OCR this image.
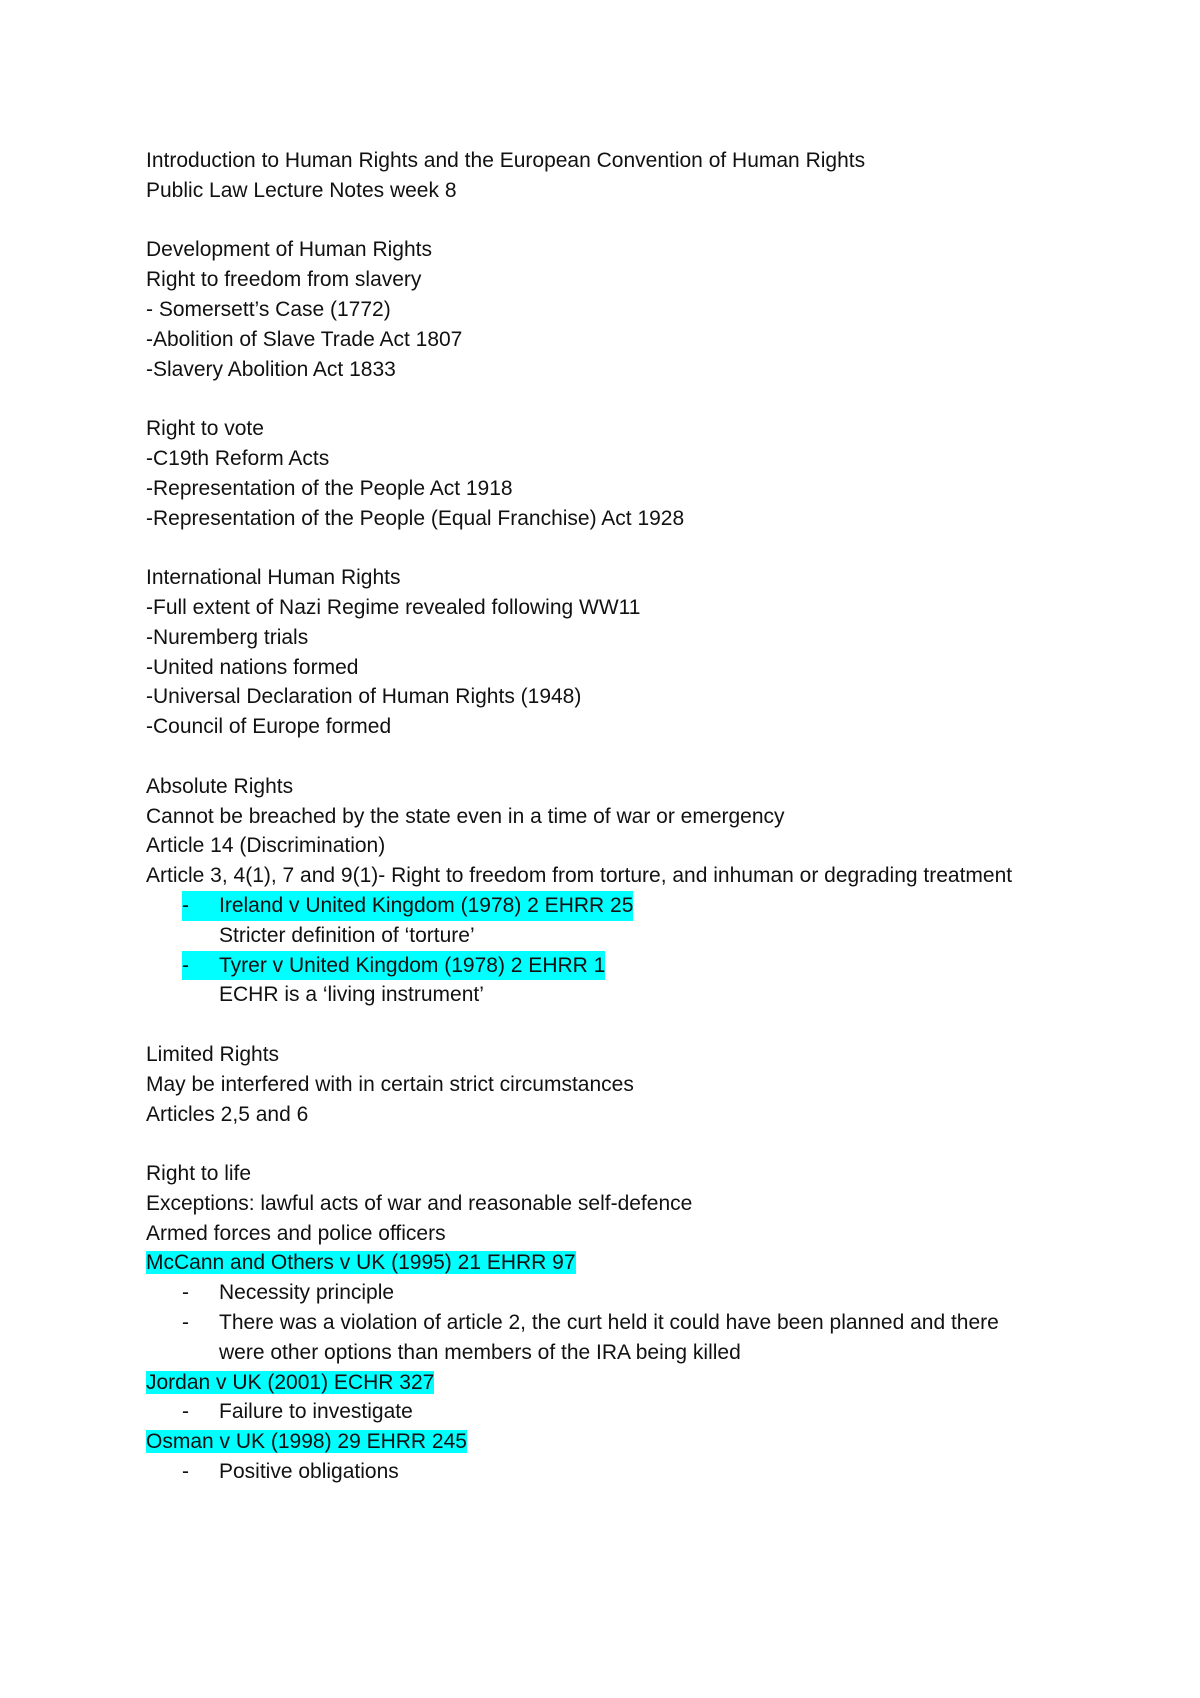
Introduction to Human Rights and the European Convention of Human Rights
Public Law Lecture Notes week 8
Development of Human Rights
Right to freedom from slavery
- Somersett’s Case (1772)
-Abolition of Slave Trade Act 1807
-Slavery Abolition Act 1833
Right to vote
-C19th Reform Acts
-Representation of the People Act 1918
-Representation of the People (Equal Franchise) Act 1928
International Human Rights
-Full extent of Nazi Regime revealed following WW11
-Nuremberg trials
-United nations formed
-Universal Declaration of Human Rights (1948)
-Council of Europe formed
Absolute Rights
Cannot be breached by the state even in a time of war or emergency
Article 14 (Discrimination)
Article 3, 4(1), 7 and 9(1)- Right to freedom from torture, and inhuman or degrading treatment
-	Ireland v United Kingdom (1978) 2 EHRR 25
Stricter definition of ‘torture’
-	Tyrer v United Kingdom (1978) 2 EHRR 1
ECHR is a ‘living instrument’
Limited Rights
May be interfered with in certain strict circumstances
Articles 2,5 and 6
Right to life
Exceptions: lawful acts of war and reasonable self-defence
Armed forces and police officers
McCann and Others v UK (1995) 21 EHRR 97
-	Necessity principle
-	There was a violation of article 2, the curt held it could have been planned and there were other options than members of the IRA being killed
Jordan v UK (2001) ECHR 327
-	Failure to investigate
Osman v UK (1998) 29 EHRR 245
-	Positive obligations
